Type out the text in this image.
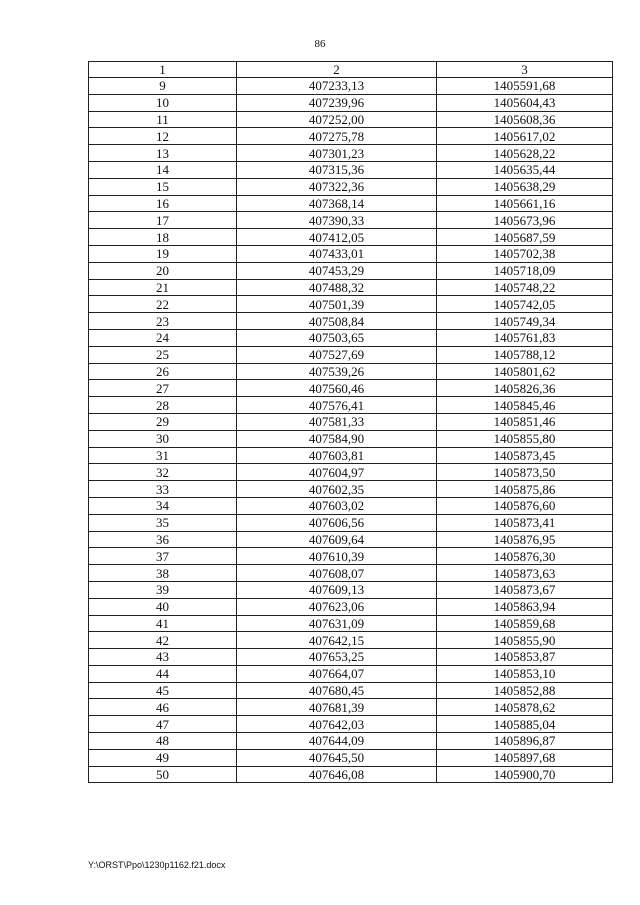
86
1	2	3
9	407233,13	1405591,68
10	407239,96	1405604,43
11	407252,00	1405608,36
12	407275,78	1405617,02
13	407301,23	1405628,22
14	407315,36	1405635,44
15	407322,36	1405638,29
16	407368,14	1405661,16
17	407390,33	1405673,96
18	407412,05	1405687,59
19	407433,01	1405702,38
20	407453,29	1405718,09
21	407488,32	1405748,22
22	407501,39	1405742,05
23	407508,84	1405749,34
24	407503,65	1405761,83
25	407527,69	1405788,12
26	407539,26	1405801,62
27	407560,46	1405826,36
28	407576,41	1405845,46
29	407581,33	1405851,46
30	407584,90	1405855,80
31	407603,81	1405873,45
32	407604,97	1405873,50
33	407602,35	1405875,86
34	407603,02	1405876,60
35	407606,56	1405873,41
36	407609,64	1405876,95
37	407610,39	1405876,30
38	407608,07	1405873,63
39	407609,13	1405873,67
40	407623,06	1405863,94
41	407631,09	1405859,68
42	407642,15	1405855,90
43	407653,25	1405853,87
44	407664,07	1405853,10
45	407680,45	1405852,88
46	407681,39	1405878,62
47	407642,03	1405885,04
48	407644,09	1405896,87
49	407645,50	1405897,68
50	407646,08	1405900,70
Y:\ORST\Ppo\1230p1162.f21.docx
